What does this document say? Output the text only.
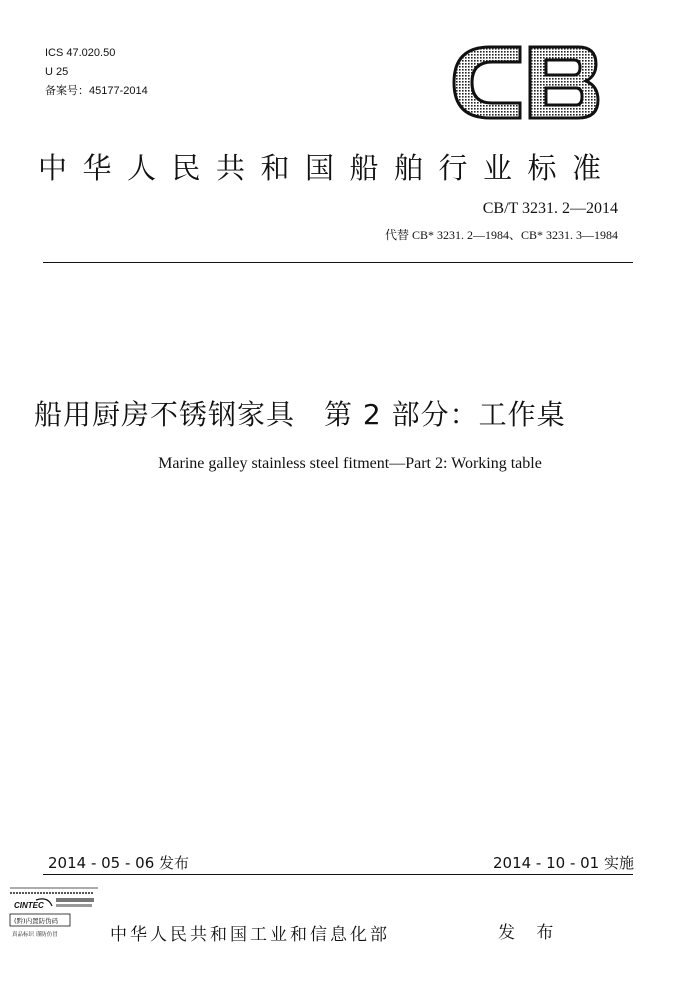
ICS 47.020.50
U 25
备案号：45177-2014
中华人民共和国船舶行业标准
CB/T 3231. 2—2014
代替 CB* 3231. 2—1984、CB* 3231. 3—1984
船用厨房不锈钢家具　第 2 部分：工作桌
Marine galley stainless steel fitment—Part 2: Working table
2014 - 05 - 06 发布	2014 - 10 - 01 实施
CINTEC
(黔)内置防伪码
真品标识 谨防仿冒	中华人民共和国工业和信息化部	发 布
